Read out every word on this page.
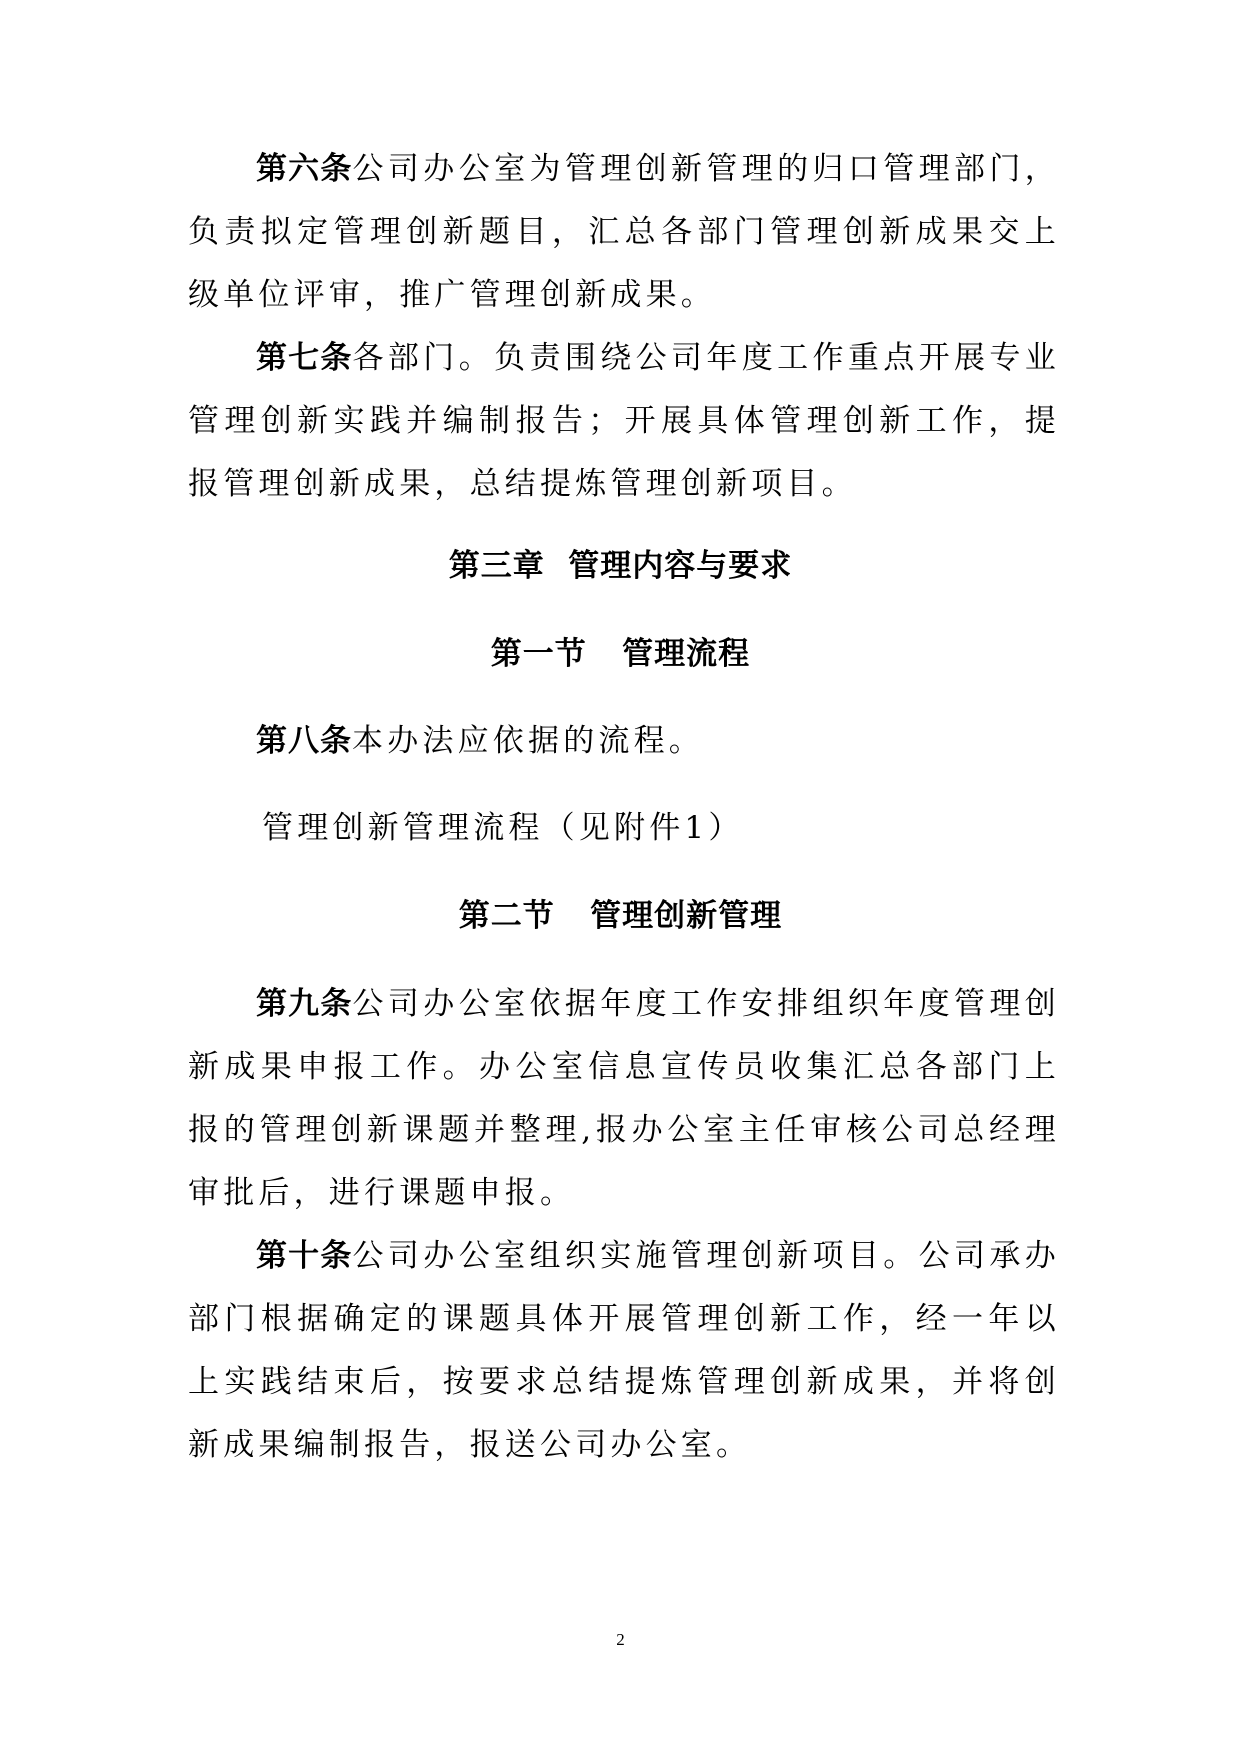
第六条公司办公室为管理创新管理的归口管理部门，负责拟定管理创新题目，汇总各部门管理创新成果交上级单位评审，推广管理创新成果。

第七条各部门。负责围绕公司年度工作重点开展专业管理创新实践并编制报告；开展具体管理创新工作，提报管理创新成果，总结提炼管理创新项目。

第三章  管理内容与要求

第一节   管理流程

第八条本办法应依据的流程。

管理创新管理流程（见附件1）

第二节   管理创新管理

第九条公司办公室依据年度工作安排组织年度管理创新成果申报工作。办公室信息宣传员收集汇总各部门上报的管理创新课题并整理,报办公室主任审核公司总经理审批后，进行课题申报。

第十条公司办公室组织实施管理创新项目。公司承办部门根据确定的课题具体开展管理创新工作，经一年以上实践结束后，按要求总结提炼管理创新成果，并将创新成果编制报告，报送公司办公室。

2
